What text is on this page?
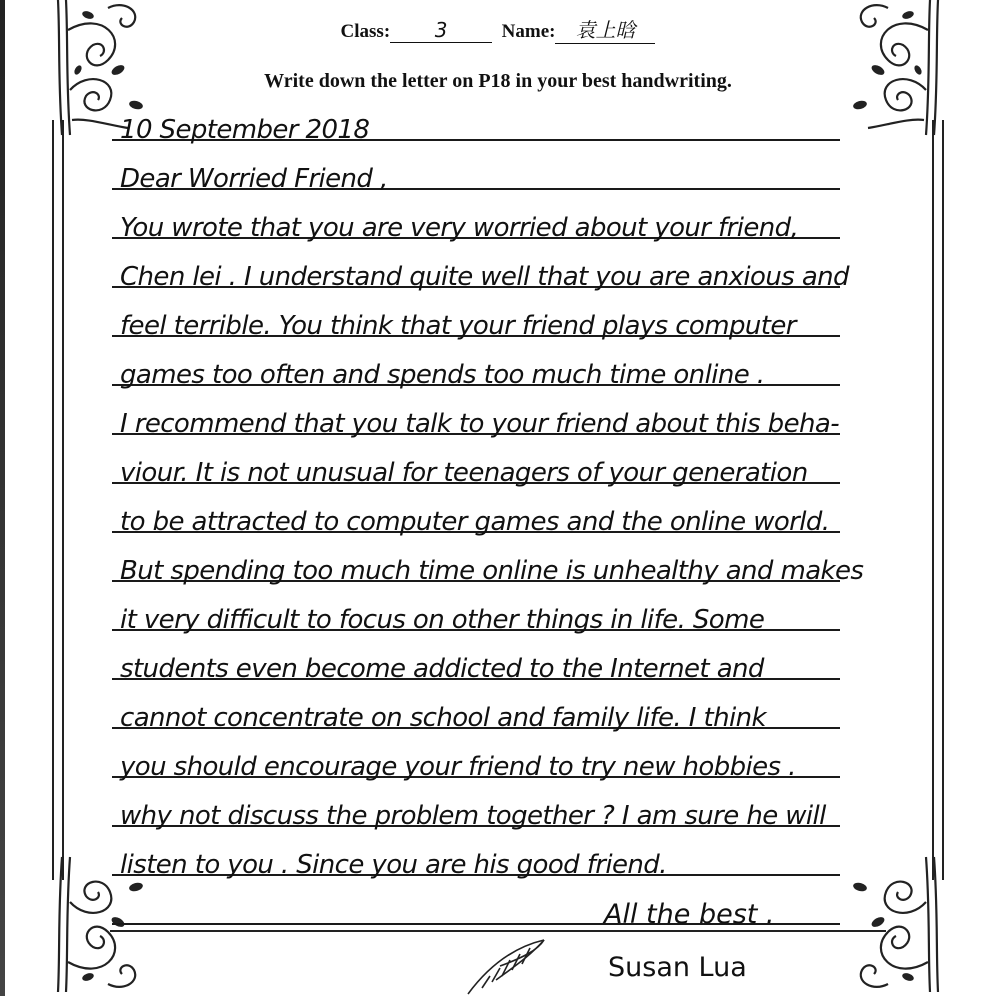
Class: 3	Name: 袁上晗
Write down the letter on P18 in your best handwriting.
10 September 2018
Dear Worried Friend ,
You wrote that you are very worried about your friend,
Chen lei . I understand quite well that you are anxious and
feel terrible. You think that your friend plays computer
games too often and spends too much time online .
I recommend that you talk to your friend about this beha-
viour. It is not unusual for teenagers of your generation
to be attracted to computer games and the online world.
But spending too much time online is unhealthy and makes
it very difficult to focus on other things in life. Some
students even become addicted to the Internet and
cannot concentrate on school and family life. I think
you should encourage your friend to try new hobbies .
why not discuss the problem together ? I am sure he will
listen to you . Since you are his good friend.
All the best .
Susan Lua
